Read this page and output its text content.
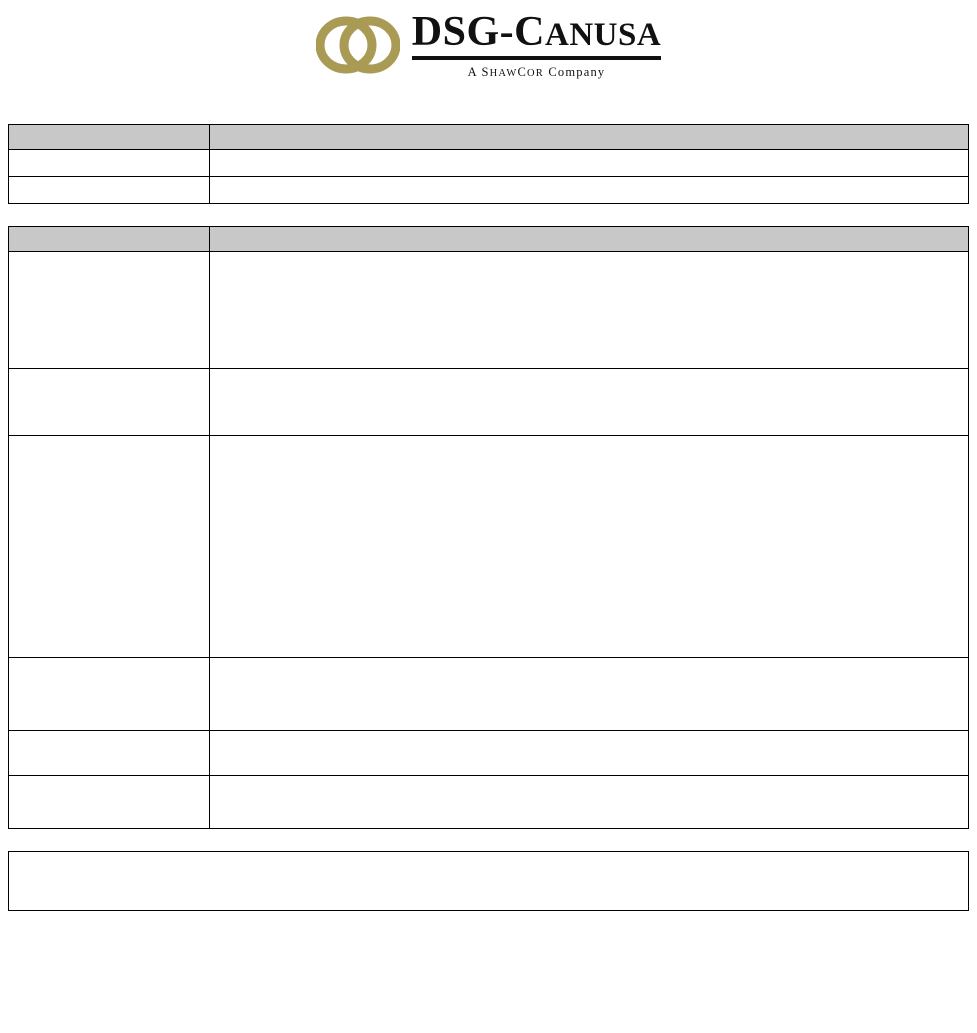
DSG-CANUSA
A SHAWCOR Company
